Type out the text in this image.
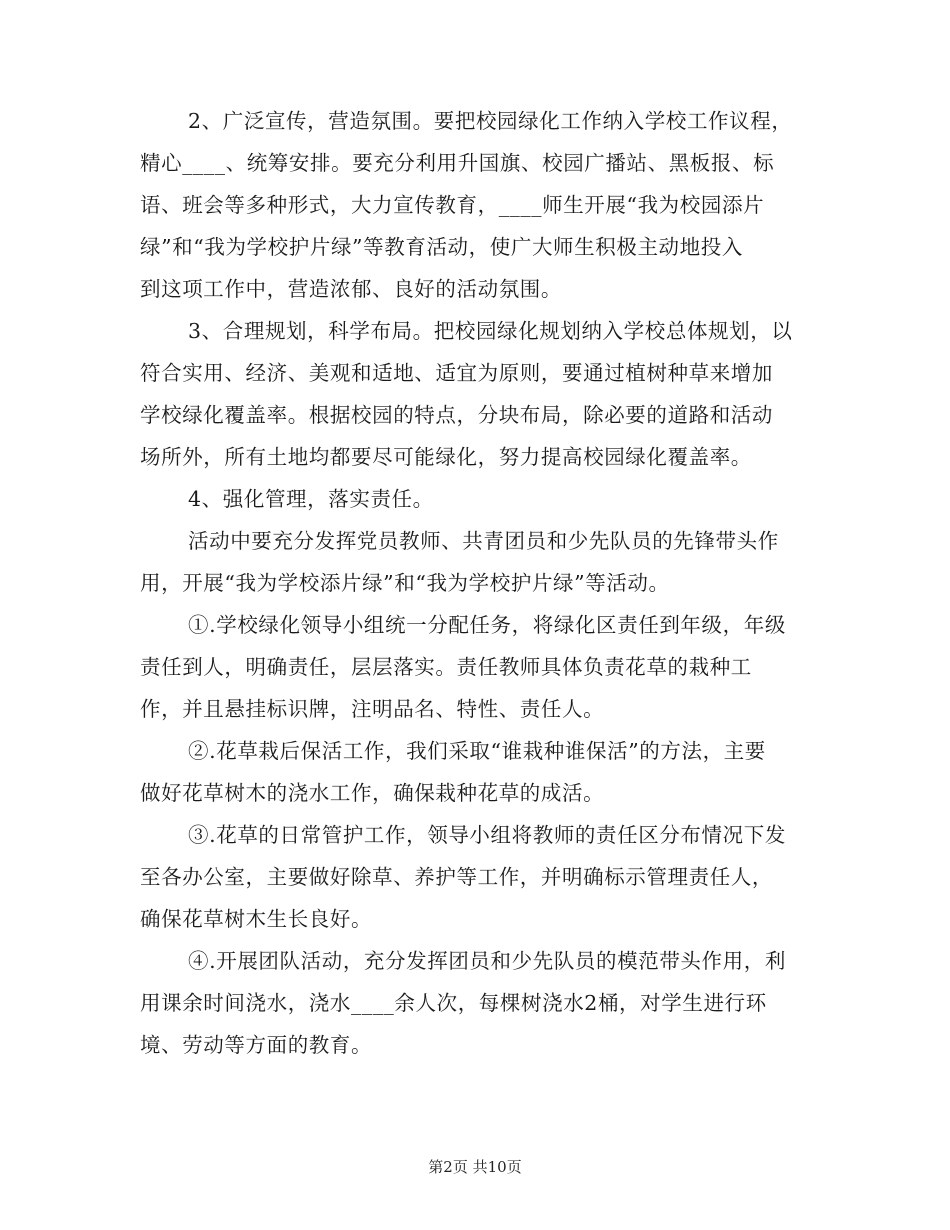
2、广泛宣传，营造氛围。要把校园绿化工作纳入学校工作议程，
精心____、统筹安排。要充分利用升国旗、校园广播站、黑板报、标
语、班会等多种形式，大力宣传教育，____师生开展“我为校园添片
绿”和“我为学校护片绿”等教育活动，使广大师生积极主动地投入
到这项工作中，营造浓郁、良好的活动氛围。
3、合理规划，科学布局。把校园绿化规划纳入学校总体规划，以
符合实用、经济、美观和适地、适宜为原则，要通过植树种草来增加
学校绿化覆盖率。根据校园的特点，分块布局，除必要的道路和活动
场所外，所有土地均都要尽可能绿化，努力提高校园绿化覆盖率。
4、强化管理，落实责任。
活动中要充分发挥党员教师、共青团员和少先队员的先锋带头作
用，开展“我为学校添片绿”和“我为学校护片绿”等活动。
①.学校绿化领导小组统一分配任务，将绿化区责任到年级，年级
责任到人，明确责任，层层落实。责任教师具体负责花草的栽种工
作，并且悬挂标识牌，注明品名、特性、责任人。
②.花草栽后保活工作，我们采取“谁栽种谁保活”的方法，主要
做好花草树木的浇水工作，确保栽种花草的成活。
③.花草的日常管护工作，领导小组将教师的责任区分布情况下发
至各办公室，主要做好除草、养护等工作，并明确标示管理责任人，
确保花草树木生长良好。
④.开展团队活动，充分发挥团员和少先队员的模范带头作用，利
用课余时间浇水，浇水____余人次，每棵树浇水2桶，对学生进行环
境、劳动等方面的教育。
第2页 共10页
